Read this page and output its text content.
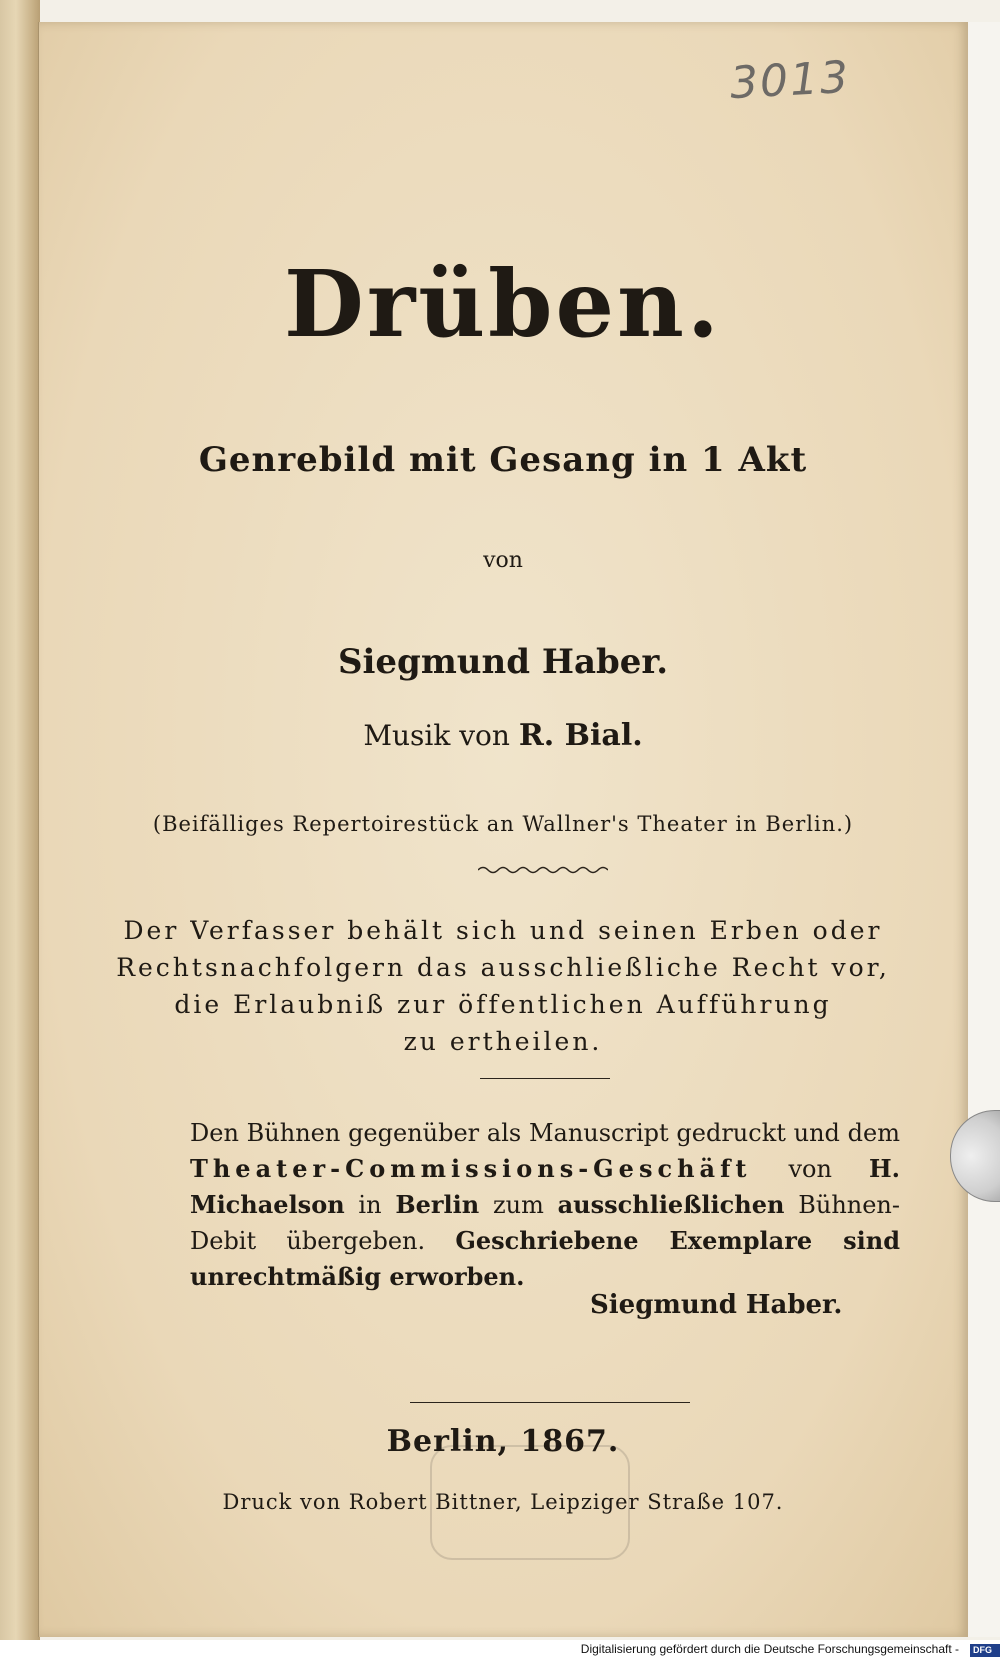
3013
Drüben.
Genrebild mit Gesang in 1 Akt
von
Siegmund Haber.
Musik von R. Bial.
(Beifälliges Repertoirestück an Wallner's Theater in Berlin.)
Der Verfasser behält sich und seinen Erben oder
Rechtsnachfolgern das ausschließliche Recht vor,
die Erlaubniß zur öffentlichen Aufführung
zu ertheilen.
Den Bühnen gegenüber als Manuscript gedruckt und dem Theater-Commissions-Geschäft von H. Michaelson in Berlin zum ausschließlichen Bühnen-Debit übergeben. Geschriebene Exemplare sind unrechtmäßig erworben.
Siegmund Haber.
Berlin, 1867.
Druck von Robert Bittner, Leipziger Straße 107.
Digitalisierung gefördert durch die Deutsche Forschungsgemeinschaft - DFG
